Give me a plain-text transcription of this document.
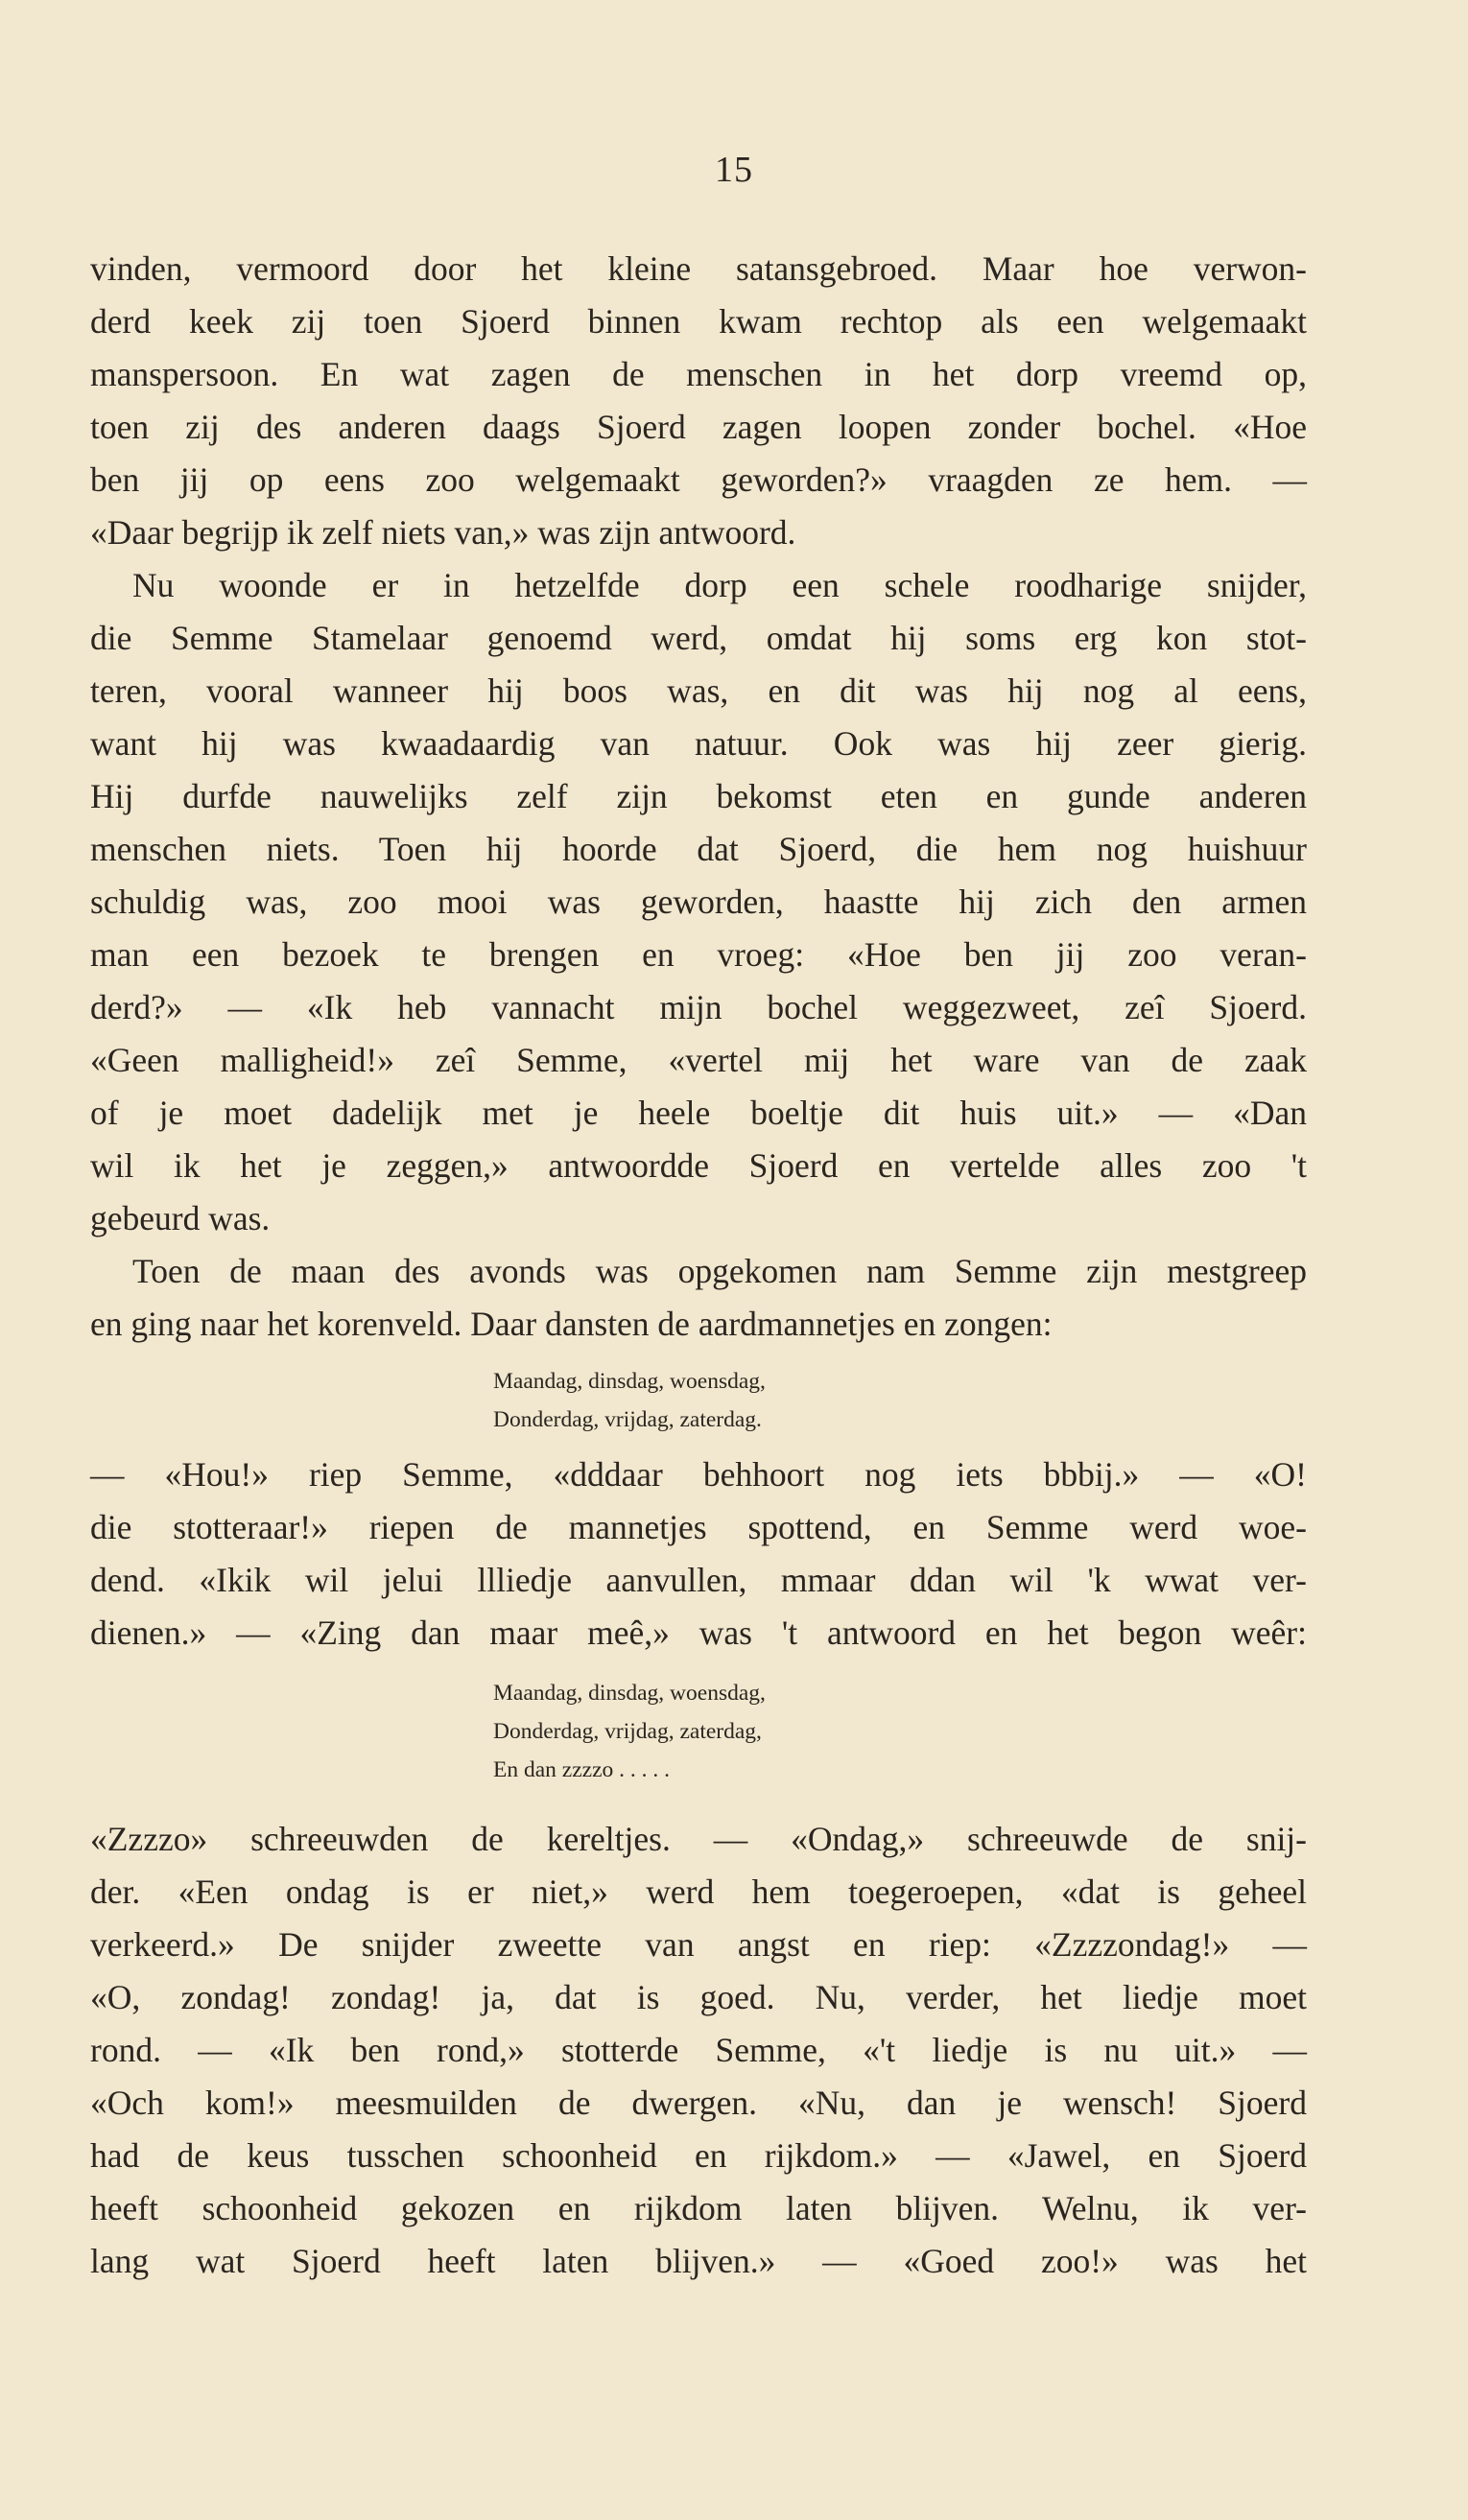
15
vinden, vermoord door het kleine satansgebroed. Maar hoe verwon-
derd keek zij toen Sjoerd binnen kwam rechtop als een welgemaakt
manspersoon. En wat zagen de menschen in het dorp vreemd op,
toen zij des anderen daags Sjoerd zagen loopen zonder bochel. «Hoe
ben jij op eens zoo welgemaakt geworden?» vraagden ze hem. —
«Daar begrijp ik zelf niets van,» was zijn antwoord.
Nu woonde er in hetzelfde dorp een schele roodharige snijder,
die Semme Stamelaar genoemd werd, omdat hij soms erg kon stot-
teren, vooral wanneer hij boos was, en dit was hij nog al eens,
want hij was kwaadaardig van natuur. Ook was hij zeer gierig.
Hij durfde nauwelijks zelf zijn bekomst eten en gunde anderen
menschen niets. Toen hij hoorde dat Sjoerd, die hem nog huishuur
schuldig was, zoo mooi was geworden, haastte hij zich den armen
man een bezoek te brengen en vroeg: «Hoe ben jij zoo veran-
derd?» — «Ik heb vannacht mijn bochel weggezweet, zeî Sjoerd.
«Geen malligheid!» zeî Semme, «vertel mij het ware van de zaak
of je moet dadelijk met je heele boeltje dit huis uit.» — «Dan
wil ik het je zeggen,» antwoordde Sjoerd en vertelde alles zoo 't
gebeurd was.
Toen de maan des avonds was opgekomen nam Semme zijn mestgreep
en ging naar het korenveld. Daar dansten de aardmannetjes en zongen:
Maandag, dinsdag, woensdag,
Donderdag, vrijdag, zaterdag.
— «Hou!» riep Semme, «dddaar behhoort nog iets bbbij.» — «O!
die stotteraar!» riepen de mannetjes spottend, en Semme werd woe-
dend. «Ikik wil jelui llliedje aanvullen, mmaar ddan wil 'k wwat ver-
dienen.» — «Zing dan maar meê,» was 't antwoord en het begon weêr:
Maandag, dinsdag, woensdag,
Donderdag, vrijdag, zaterdag,
En dan zzzzo . . . . .
«Zzzzo» schreeuwden de kereltjes. — «Ondag,» schreeuwde de snij-
der. «Een ondag is er niet,» werd hem toegeroepen, «dat is geheel
verkeerd.» De snijder zweette van angst en riep: «Zzzzondag!» —
«O, zondag! zondag! ja, dat is goed. Nu, verder, het liedje moet
rond. — «Ik ben rond,» stotterde Semme, «'t liedje is nu uit.» —
«Och kom!» meesmuilden de dwergen. «Nu, dan je wensch! Sjoerd
had de keus tusschen schoonheid en rijkdom.» — «Jawel, en Sjoerd
heeft schoonheid gekozen en rijkdom laten blijven. Welnu, ik ver-
lang wat Sjoerd heeft laten blijven.» — «Goed zoo!» was het
